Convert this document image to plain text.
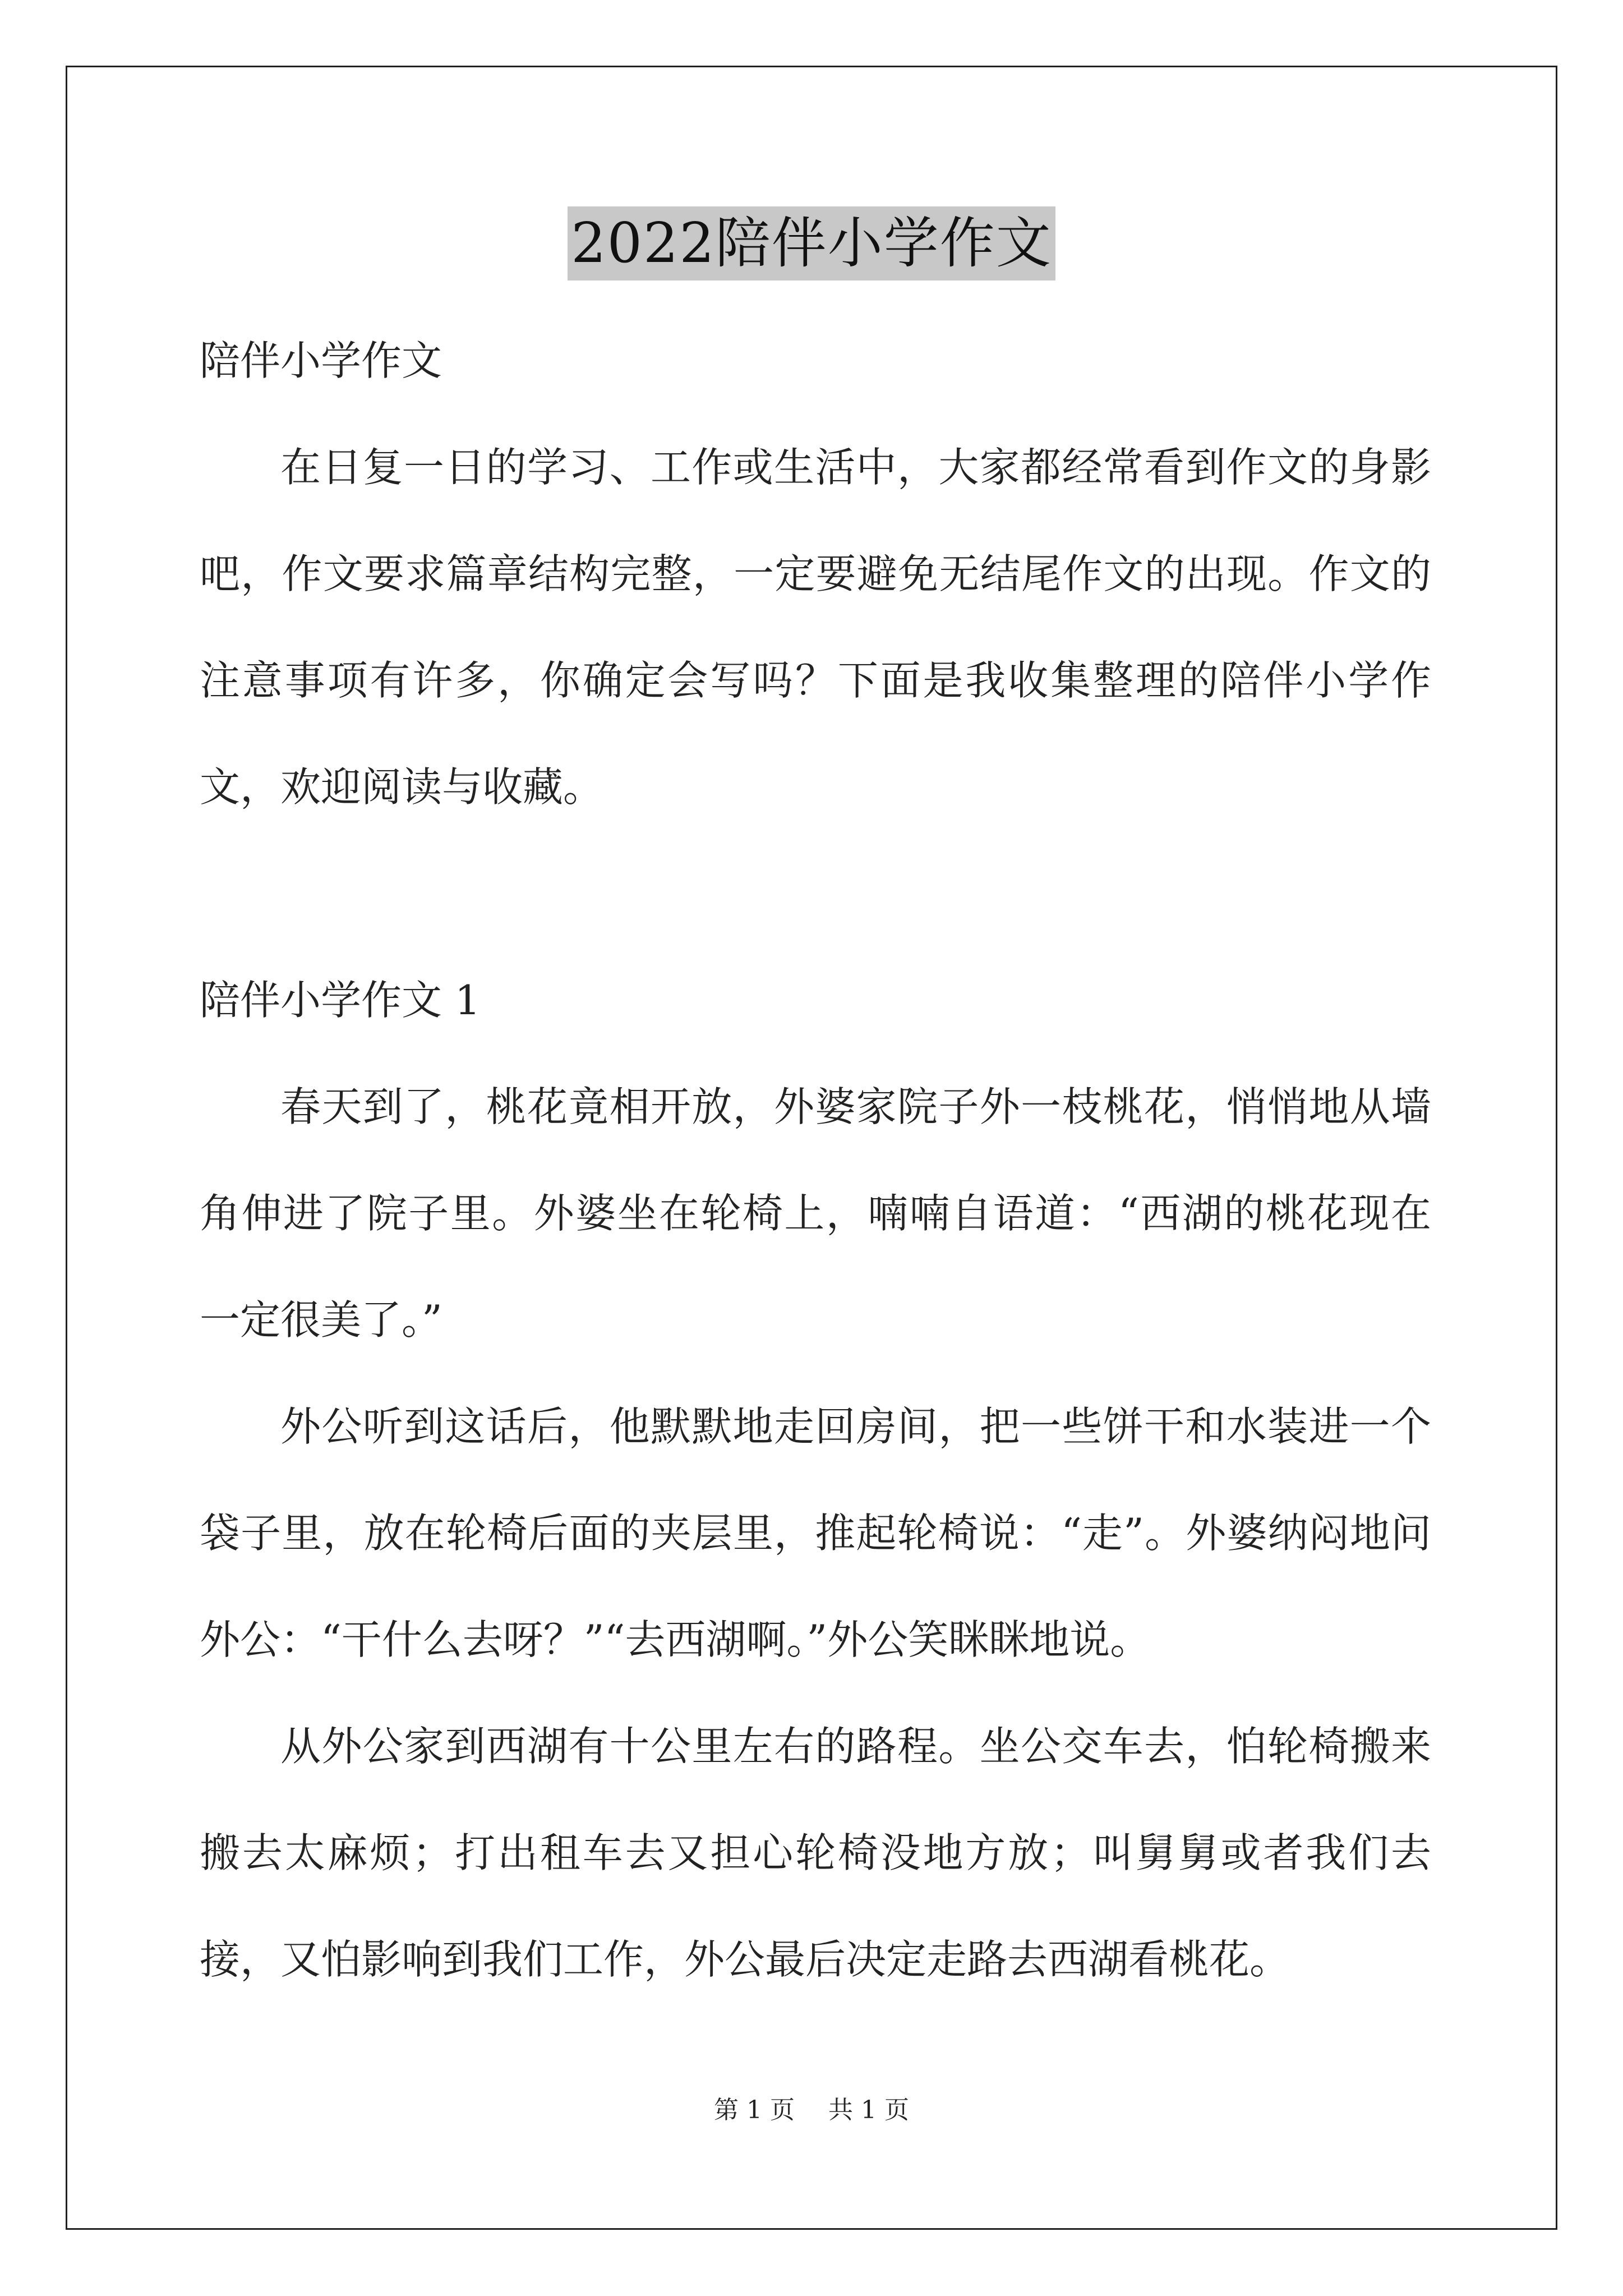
2022陪伴小学作文

陪伴小学作文

在日复一日的学习、工作或生活中，大家都经常看到作文的身影吧，作文要求篇章结构完整，一定要避免无结尾作文的出现。作文的注意事项有许多，你确定会写吗？下面是我收集整理的陪伴小学作文，欢迎阅读与收藏。

陪伴小学作文 1

春天到了，桃花竟相开放，外婆家院子外一枝桃花，悄悄地从墙角伸进了院子里。外婆坐在轮椅上，喃喃自语道：“西湖的桃花现在一定很美了。”

外公听到这话后，他默默地走回房间，把一些饼干和水装进一个袋子里，放在轮椅后面的夹层里，推起轮椅说：“走”。外婆纳闷地问外公：“干什么去呀？”“去西湖啊。”外公笑眯眯地说。

从外公家到西湖有十公里左右的路程。坐公交车去，怕轮椅搬来搬去太麻烦；打出租车去又担心轮椅没地方放；叫舅舅或者我们去接，又怕影响到我们工作，外公最后决定走路去西湖看桃花。

第 1 页 共 1 页
